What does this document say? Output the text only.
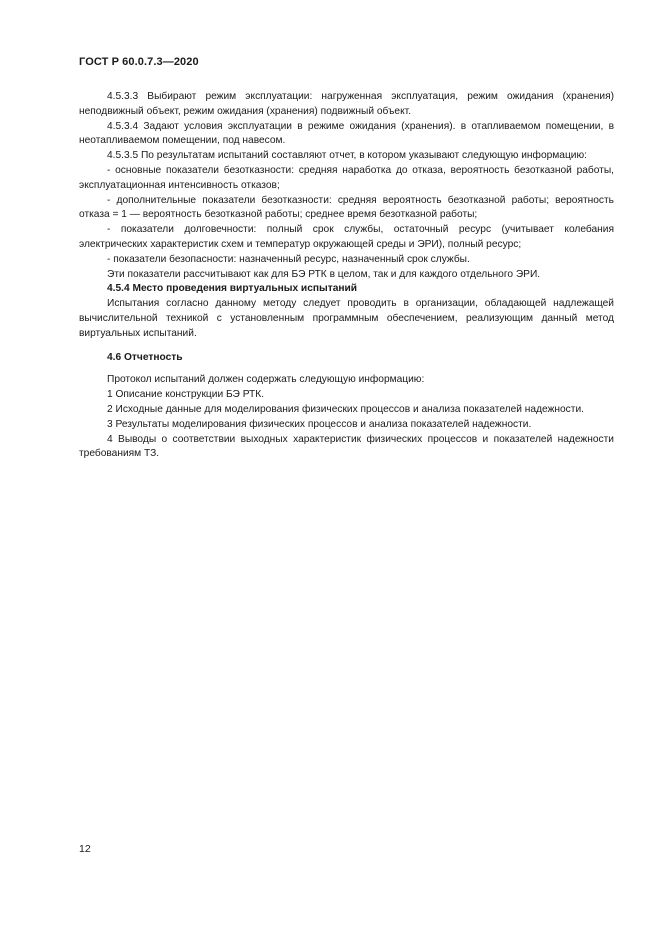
ГОСТ Р 60.0.7.3—2020

4.5.3.3 Выбирают режим эксплуатации: нагруженная эксплуатация, режим ожидания (хранения) неподвижный объект, режим ожидания (хранения) подвижный объект.

4.5.3.4 Задают условия эксплуатации в режиме ожидания (хранения). в отапливаемом помещении, в неотапливаемом помещении, под навесом.

4.5.3.5 По результатам испытаний составляют отчет, в котором указывают следующую информацию:

- основные показатели безотказности: средняя наработка до отказа, вероятность безотказной работы, эксплуатационная интенсивность отказов;

- дополнительные показатели безотказности: средняя вероятность безотказной работы; вероятность отказа = 1 — вероятность безотказной работы; среднее время безотказной работы;

- показатели долговечности: полный срок службы, остаточный ресурс (учитывает колебания электрических характеристик схем и температур окружающей среды и ЭРИ), полный ресурс;

- показатели безопасности: назначенный ресурс, назначенный срок службы.

Эти показатели рассчитывают как для БЭ РТК в целом, так и для каждого отдельного ЭРИ.

4.5.4 Место проведения виртуальных испытаний

Испытания согласно данному методу следует проводить в организации, обладающей надлежащей вычислительной техникой с установленным программным обеспечением, реализующим данный метод виртуальных испытаний.

4.6 Отчетность

Протокол испытаний должен содержать следующую информацию:

1 Описание конструкции БЭ РТК.

2 Исходные данные для моделирования физических процессов и анализа показателей надежности.

3 Результаты моделирования физических процессов и анализа показателей надежности.

4 Выводы о соответствии выходных характеристик физических процессов и показателей надежности требованиям ТЗ.

12
